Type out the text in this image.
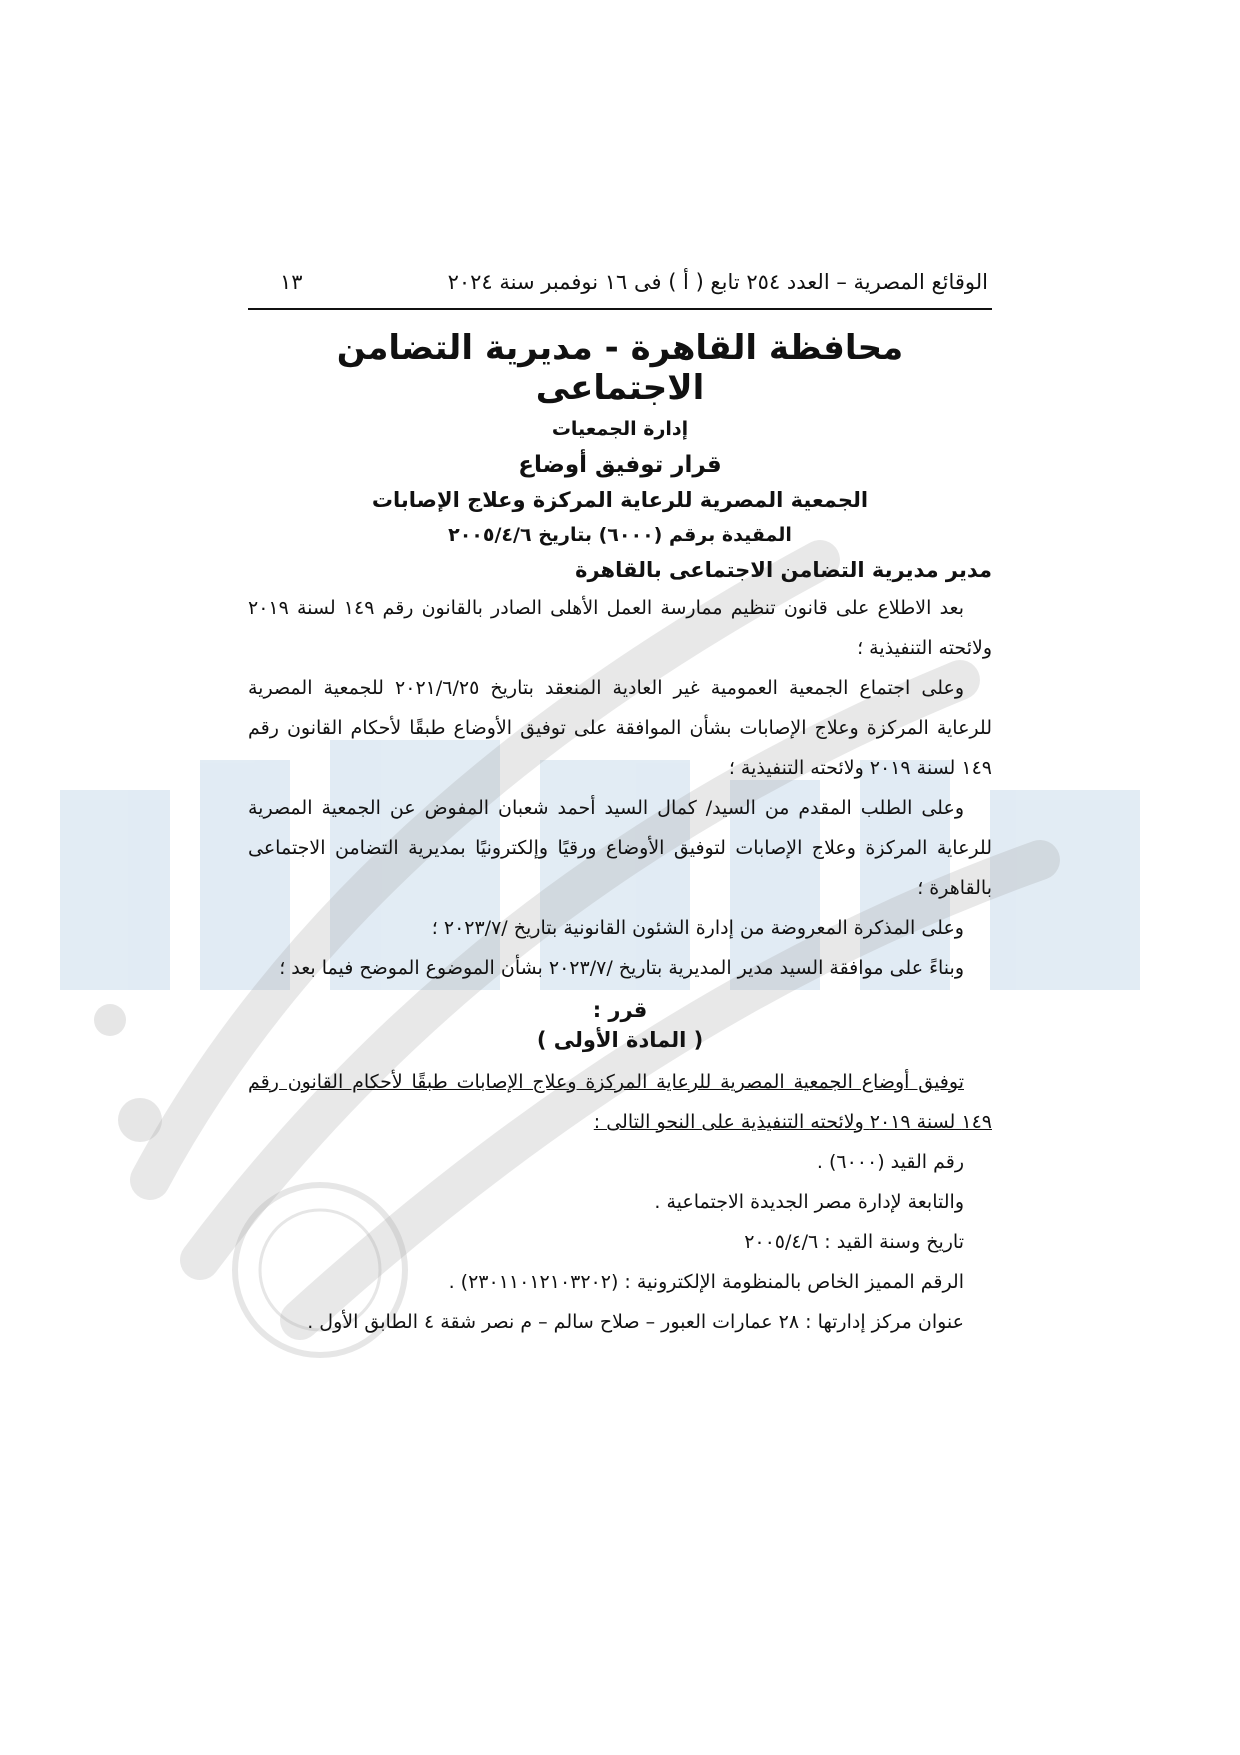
الوقائع المصرية – العدد ٢٥٤ تابع ( أ ) فى ١٦ نوفمبر سنة ٢٠٢٤
١٣
محافظة القاهرة - مديرية التضامن الاجتماعى
إدارة الجمعيات
قرار توفيق أوضاع
الجمعية المصرية للرعاية المركزة وعلاج الإصابات
المقيدة برقم (٦٠٠٠) بتاريخ ٢٠٠٥/٤/٦
مدير مديرية التضامن الاجتماعى بالقاهرة

بعد الاطلاع على قانون تنظيم ممارسة العمل الأهلى الصادر بالقانون رقم ١٤٩ لسنة ٢٠١٩ ولائحته التنفيذية ؛

وعلى اجتماع الجمعية العمومية غير العادية المنعقد بتاريخ ٢٠٢١/٦/٢٥ للجمعية المصرية للرعاية المركزة وعلاج الإصابات بشأن الموافقة على توفيق الأوضاع طبقًا لأحكام القانون رقم ١٤٩ لسنة ٢٠١٩ ولائحته التنفيذية ؛

وعلى الطلب المقدم من السيد/ كمال السيد أحمد شعبان المفوض عن الجمعية المصرية للرعاية المركزة وعلاج الإصابات لتوفيق الأوضاع ورقيًا وإلكترونيًا بمديرية التضامن الاجتماعى بالقاهرة ؛

وعلى المذكرة المعروضة من إدارة الشئون القانونية بتاريخ /٢٠٢٣/٧ ؛

وبناءً على موافقة السيد مدير المديرية بتاريخ /٢٠٢٣/٧ بشأن الموضوع الموضح فيما بعد ؛

قرر :
( المادة الأولى )

توفيق أوضاع الجمعية المصرية للرعاية المركزة وعلاج الإصابات طبقًا لأحكام القانون رقم ١٤٩ لسنة ٢٠١٩ ولائحته التنفيذية على النحو التالى :

رقم القيد (٦٠٠٠) .

والتابعة لإدارة مصر الجديدة الاجتماعية .

تاريخ وسنة القيد : ٢٠٠٥/٤/٦

الرقم المميز الخاص بالمنظومة الإلكترونية : (٢٣٠١١٠١٢١٠٣٢٠٢) .

عنوان مركز إدارتها : ٢٨ عمارات العبور – صلاح سالم – م نصر شقة ٤ الطابق الأول .
